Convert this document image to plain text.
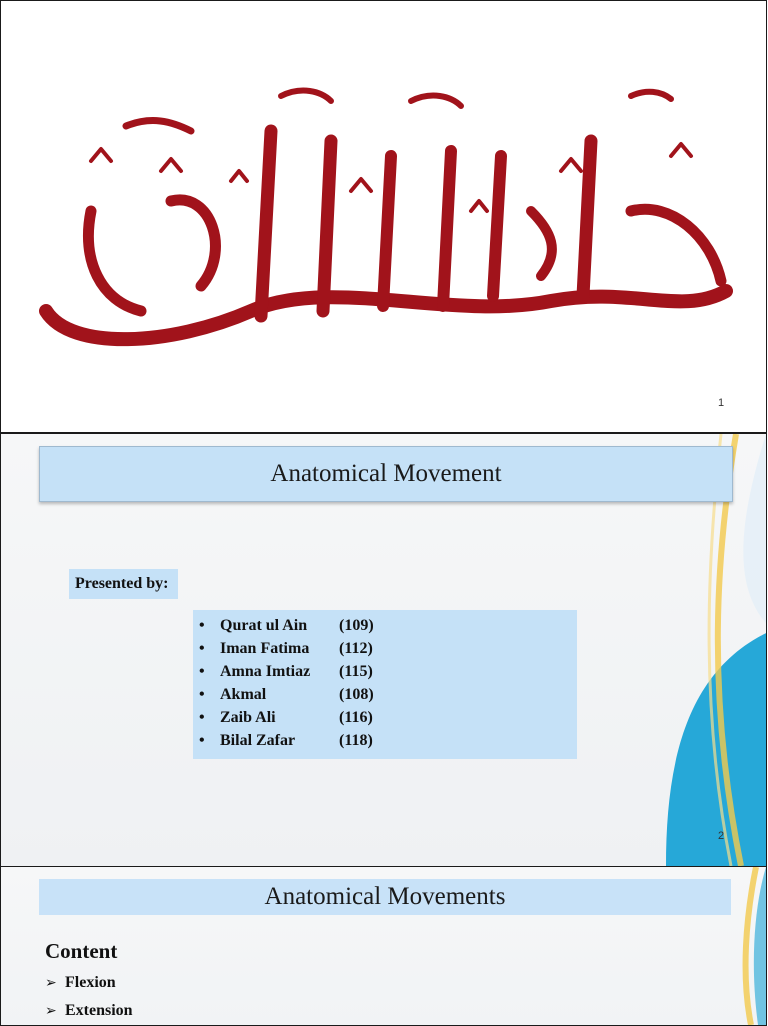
بِسْمِ اللهِ الرَّحْمٰنِ الرَّحِيْمِ
1
Anatomical Movement
Presented by:
• Qurat ul Ain (109)
• Iman Fatima (112)
• Amna Imtiaz (115)
• Akmal	(108)
• Zaib Ali	(116)
• Bilal Zafar	(118)
2
Anatomical Movements
Content
➢ Flexion
➢ Extension
